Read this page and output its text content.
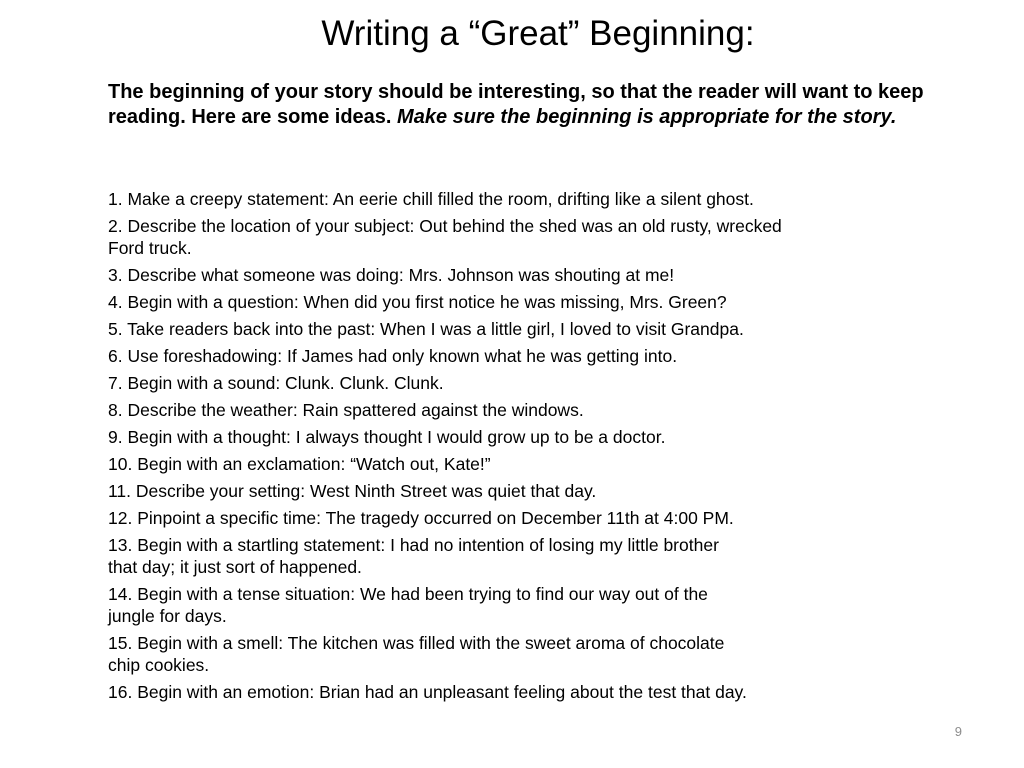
Writing a “Great” Beginning:

The beginning of your story should be interesting, so that the reader will want to keep reading. Here are some ideas. Make sure the beginning is appropriate for the story.

1. Make a creepy statement: An eerie chill filled the room, drifting like a silent ghost.
2. Describe the location of your subject: Out behind the shed was an old rusty, wrecked
Ford truck.
3. Describe what someone was doing: Mrs. Johnson was shouting at me!
4. Begin with a question: When did you first notice he was missing, Mrs. Green?
5. Take readers back into the past: When I was a little girl, I loved to visit Grandpa.
6. Use foreshadowing: If James had only known what he was getting into.
7. Begin with a sound: Clunk. Clunk. Clunk.
8. Describe the weather: Rain spattered against the windows.
9. Begin with a thought: I always thought I would grow up to be a doctor.
10. Begin with an exclamation: “Watch out, Kate!”
11. Describe your setting: West Ninth Street was quiet that day.
12. Pinpoint a specific time: The tragedy occurred on December 11th at 4:00 PM.
13. Begin with a startling statement: I had no intention of losing my little brother
that day; it just sort of happened.
14. Begin with a tense situation: We had been trying to find our way out of the
jungle for days.
15. Begin with a smell: The kitchen was filled with the sweet aroma of chocolate
chip cookies.
16. Begin with an emotion: Brian had an unpleasant feeling about the test that day.
9
